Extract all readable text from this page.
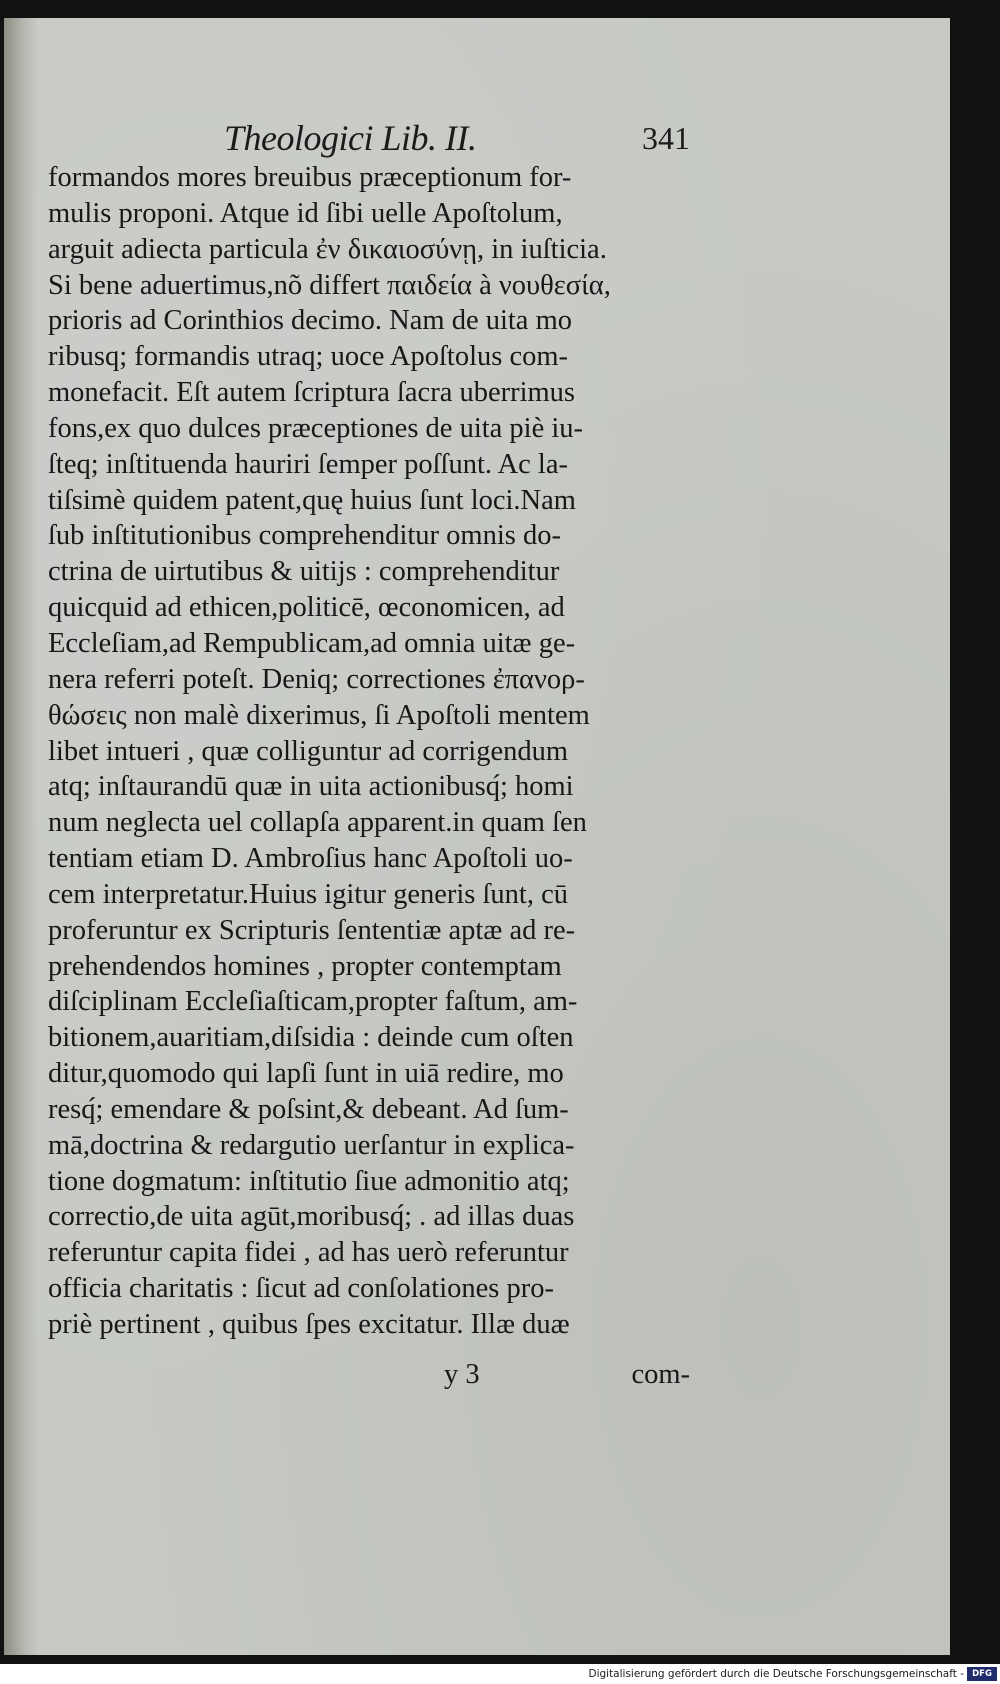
Theologici Lib. II.	341
formandos mores breuibus præceptionum for-
mulis proponi. Atque id ſibi uelle Apoſtolum,
arguit adiecta particula ἐν δικαιοσύνῃ, in iuſticia.
Si bene aduertimus,nõ differt παιδεία à νουθεσία,
prioris ad Corinthios decimo. Nam de uita mo
ribusq; formandis utraq; uoce Apoſtolus com-
monefacit. Eſt autem ſcriptura ſacra uberrimus
fons,ex quo dulces præceptiones de uita piè iu-
ſteq; inſtituenda hauriri ſemper poſſunt. Ac la-
tiſsimè quidem patent,quę huius ſunt loci.Nam
ſub inſtitutionibus comprehenditur omnis do-
ctrina de uirtutibus & uitijs : comprehenditur
quicquid ad ethicen,politicē, œconomicen, ad
Eccleſiam,ad Rempublicam,ad omnia uitæ ge-
nera referri poteſt. Deniq; correctiones ἐπανορ-
θώσεις non malè dixerimus, ſi Apoſtoli mentem
libet intueri , quæ colliguntur ad corrigendum
atq; inſtaurandū quæ in uita actionibusq́; homi
num neglecta uel collapſa apparent.in quam ſen
tentiam etiam D. Ambroſius hanc Apoſtoli uo-
cem interpretatur.Huius igitur generis ſunt, cū
proferuntur ex Scripturis ſententiæ aptæ ad re-
prehendendos homines , propter contemptam
diſciplinam Eccleſiaſticam,propter faſtum, am-
bitionem,auaritiam,diſsidia : deinde cum oſten
ditur,quomodo qui lapſi ſunt in uiā redire, mo
resq́; emendare & poſsint,& debeant. Ad ſum-
mā,doctrina & redargutio uerſantur in explica-
tione dogmatum: inſtitutio ſiue admonitio atq;
correctio,de uita agūt,moribusq́; . ad illas duas
referuntur capita fidei , ad has uerò referuntur
officia charitatis : ſicut ad conſolationes pro-
priè pertinent , quibus ſpes excitatur. Illæ duæ
y 3	com-
Digitalisierung gefördert durch die Deutsche Forschungsgemeinschaft - DFG
